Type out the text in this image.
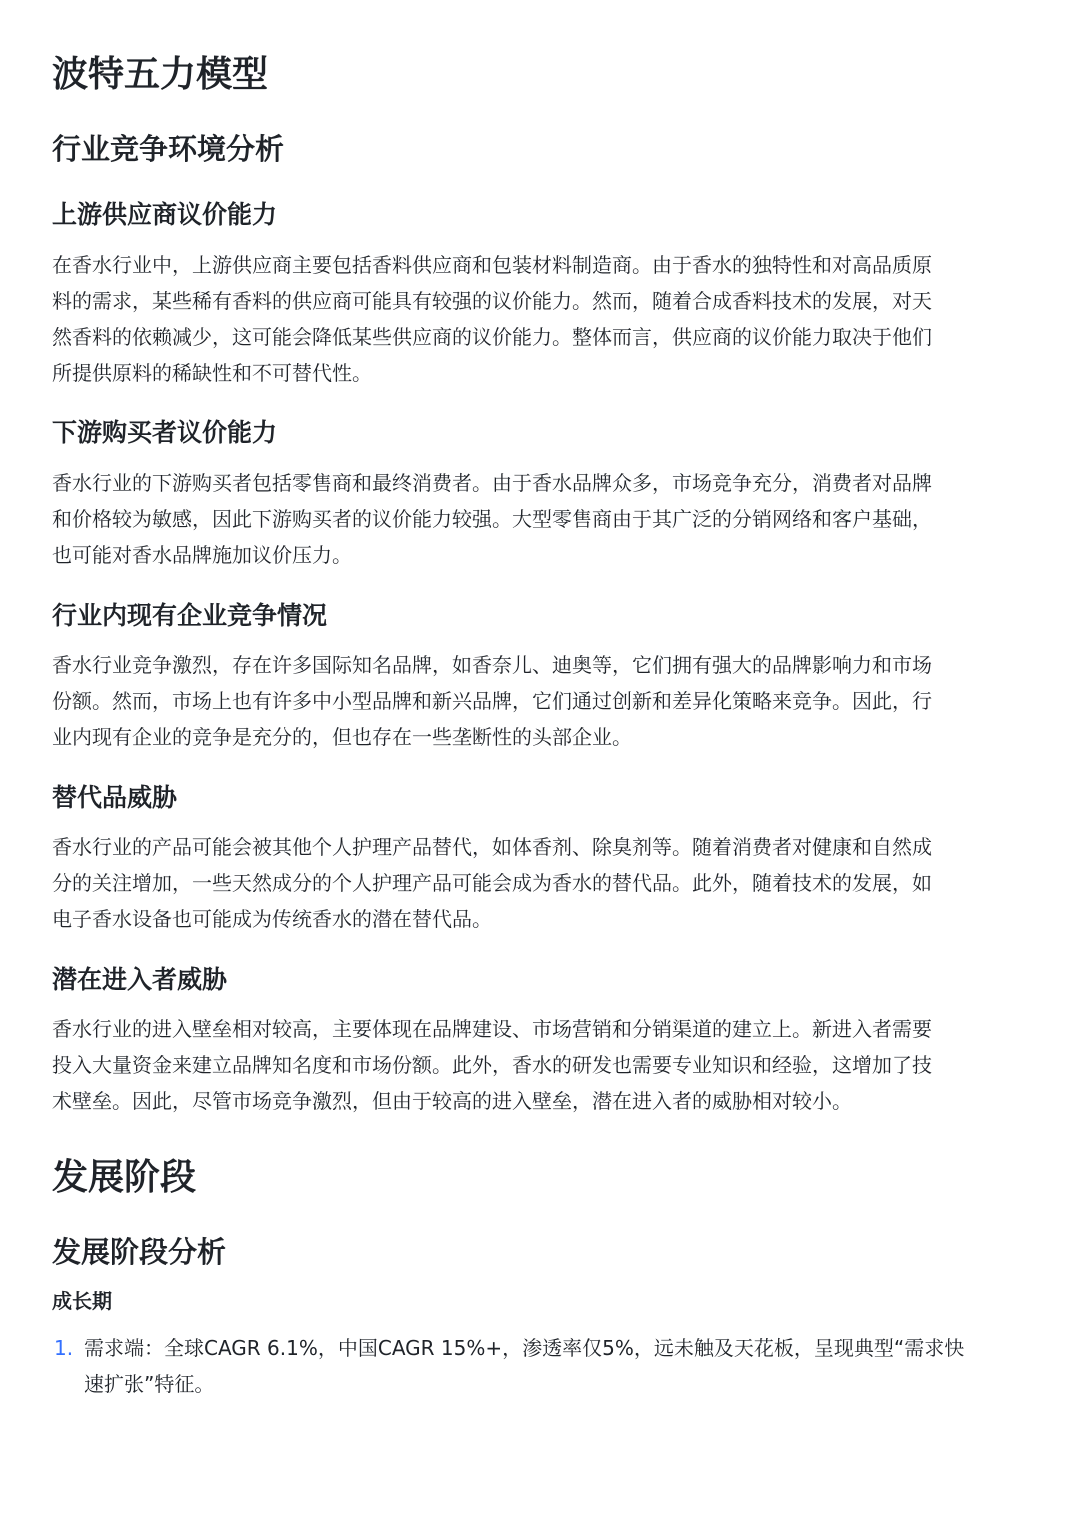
波特五力模型
行业竞争环境分析
上游供应商议价能力
在香水行业中，上游供应商主要包括香料供应商和包装材料制造商。由于香水的独特性和对高品质原
料的需求，某些稀有香料的供应商可能具有较强的议价能力。然而，随着合成香料技术的发展，对天
然香料的依赖减少，这可能会降低某些供应商的议价能力。整体而言，供应商的议价能力取决于他们
所提供原料的稀缺性和不可替代性。
下游购买者议价能力
香水行业的下游购买者包括零售商和最终消费者。由于香水品牌众多，市场竞争充分，消费者对品牌
和价格较为敏感，因此下游购买者的议价能力较强。大型零售商由于其广泛的分销网络和客户基础，
也可能对香水品牌施加议价压力。
行业内现有企业竞争情况
香水行业竞争激烈，存在许多国际知名品牌，如香奈儿、迪奥等，它们拥有强大的品牌影响力和市场
份额。然而，市场上也有许多中小型品牌和新兴品牌，它们通过创新和差异化策略来竞争。因此，行
业内现有企业的竞争是充分的，但也存在一些垄断性的头部企业。
替代品威胁
香水行业的产品可能会被其他个人护理产品替代，如体香剂、除臭剂等。随着消费者对健康和自然成
分的关注增加，一些天然成分的个人护理产品可能会成为香水的替代品。此外，随着技术的发展，如
电子香水设备也可能成为传统香水的潜在替代品。
潜在进入者威胁
香水行业的进入壁垒相对较高，主要体现在品牌建设、市场营销和分销渠道的建立上。新进入者需要
投入大量资金来建立品牌知名度和市场份额。此外，香水的研发也需要专业知识和经验，这增加了技
术壁垒。因此，尽管市场竞争激烈，但由于较高的进入壁垒，潜在进入者的威胁相对较小。
发展阶段
发展阶段分析
成长期
1. 需求端：全球CAGR 6.1%，中国CAGR 15%+，渗透率仅5%，远未触及天花板，呈现典型“需求快
速扩张”特征。
